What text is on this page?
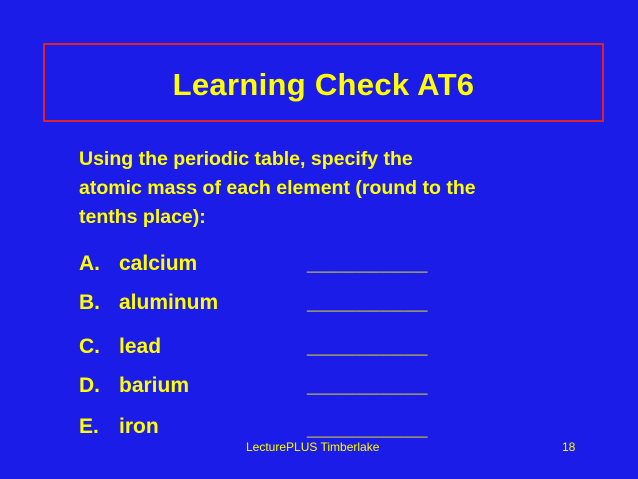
Learning Check AT6
Using the periodic table, specify the
atomic mass of each element (round to the
tenths place):
A. calcium	__________
B. aluminum	__________
C. lead	__________
D. barium	__________
E. iron	__________
LecturePLUS Timberlake	18
